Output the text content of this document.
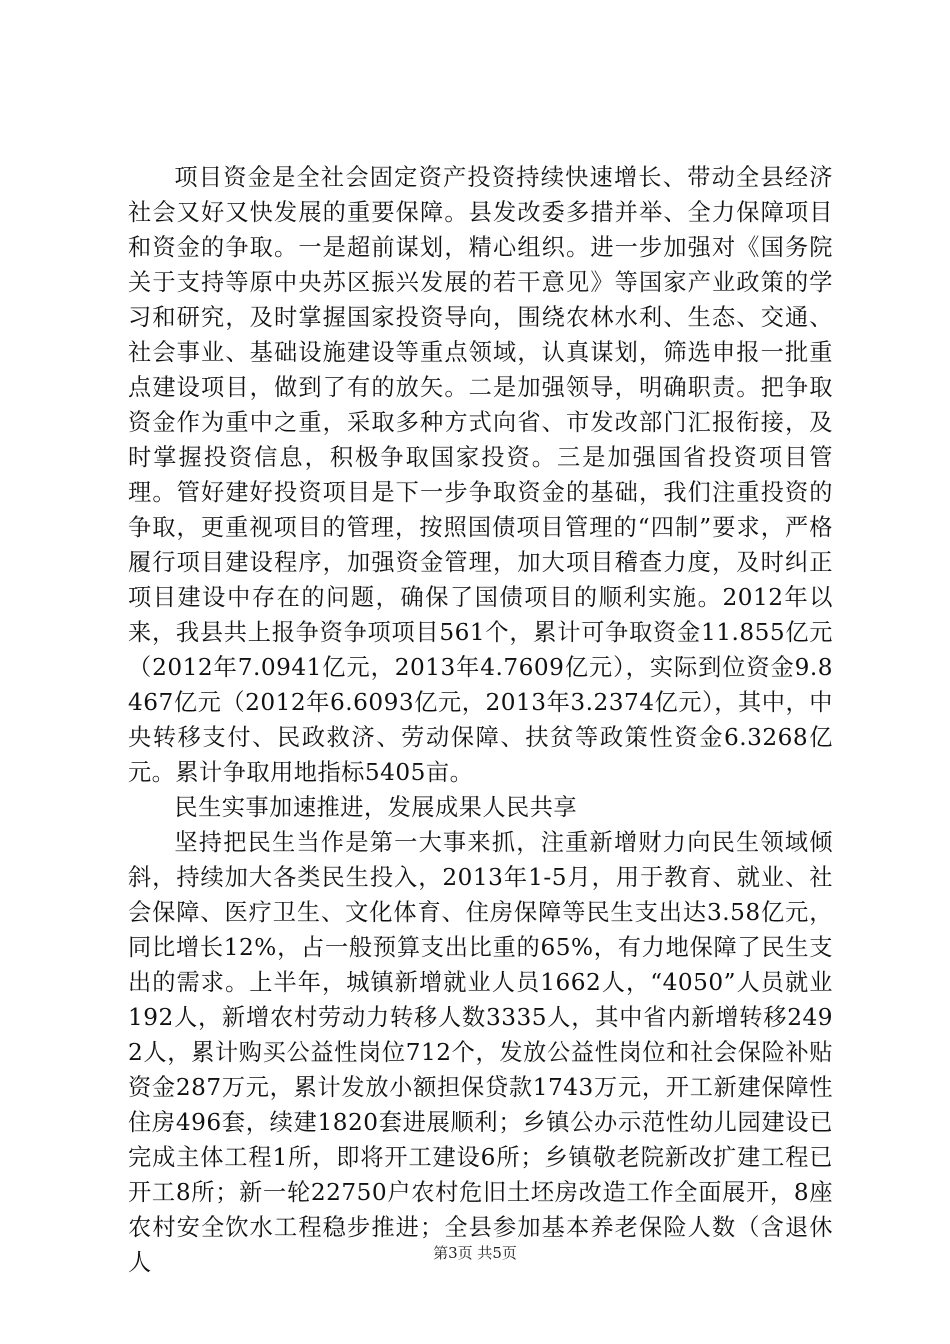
项目资金是全社会固定资产投资持续快速增长、带动全县经济社会又好又快发展的重要保障。县发改委多措并举、全力保障项目和资金的争取。一是超前谋划，精心组织。进一步加强对《国务院关于支持等原中央苏区振兴发展的若干意见》等国家产业政策的学习和研究，及时掌握国家投资导向，围绕农林水利、生态、交通、社会事业、基础设施建设等重点领域，认真谋划，筛选申报一批重点建设项目，做到了有的放矢。二是加强领导，明确职责。把争取资金作为重中之重，采取多种方式向省、市发改部门汇报衔接，及时掌握投资信息，积极争取国家投资。三是加强国省投资项目管理。管好建好投资项目是下一步争取资金的基础，我们注重投资的争取，更重视项目的管理，按照国债项目管理的“四制”要求，严格履行项目建设程序，加强资金管理，加大项目稽查力度，及时纠正项目建设中存在的问题，确保了国债项目的顺利实施。2012年以来，我县共上报争资争项项目561个，累计可争取资金11.855亿元（2012年7.0941亿元，2013年4.7609亿元），实际到位资金9.8467亿元（2012年6.6093亿元，2013年3.2374亿元），其中，中央转移支付、民政救济、劳动保障、扶贫等政策性资金6.3268亿元。累计争取用地指标5405亩。

民生实事加速推进，发展成果人民共享

坚持把民生当作是第一大事来抓，注重新增财力向民生领域倾斜，持续加大各类民生投入，2013年1-5月，用于教育、就业、社会保障、医疗卫生、文化体育、住房保障等民生支出达3.58亿元，同比增长12%，占一般预算支出比重的65%，有力地保障了民生支出的需求。上半年，城镇新增就业人员1662人，“4050”人员就业192人，新增农村劳动力转移人数3335人，其中省内新增转移2492人，累计购买公益性岗位712个，发放公益性岗位和社会保险补贴资金287万元，累计发放小额担保贷款1743万元，开工新建保障性住房496套，续建1820套进展顺利；乡镇公办示范性幼儿园建设已完成主体工程1所，即将开工建设6所；乡镇敬老院新改扩建工程已开工8所；新一轮22750户农村危旧土坯房改造工作全面展开，8座农村安全饮水工程稳步推进；全县参加基本养老保险人数（含退休人	第3页 共5页
